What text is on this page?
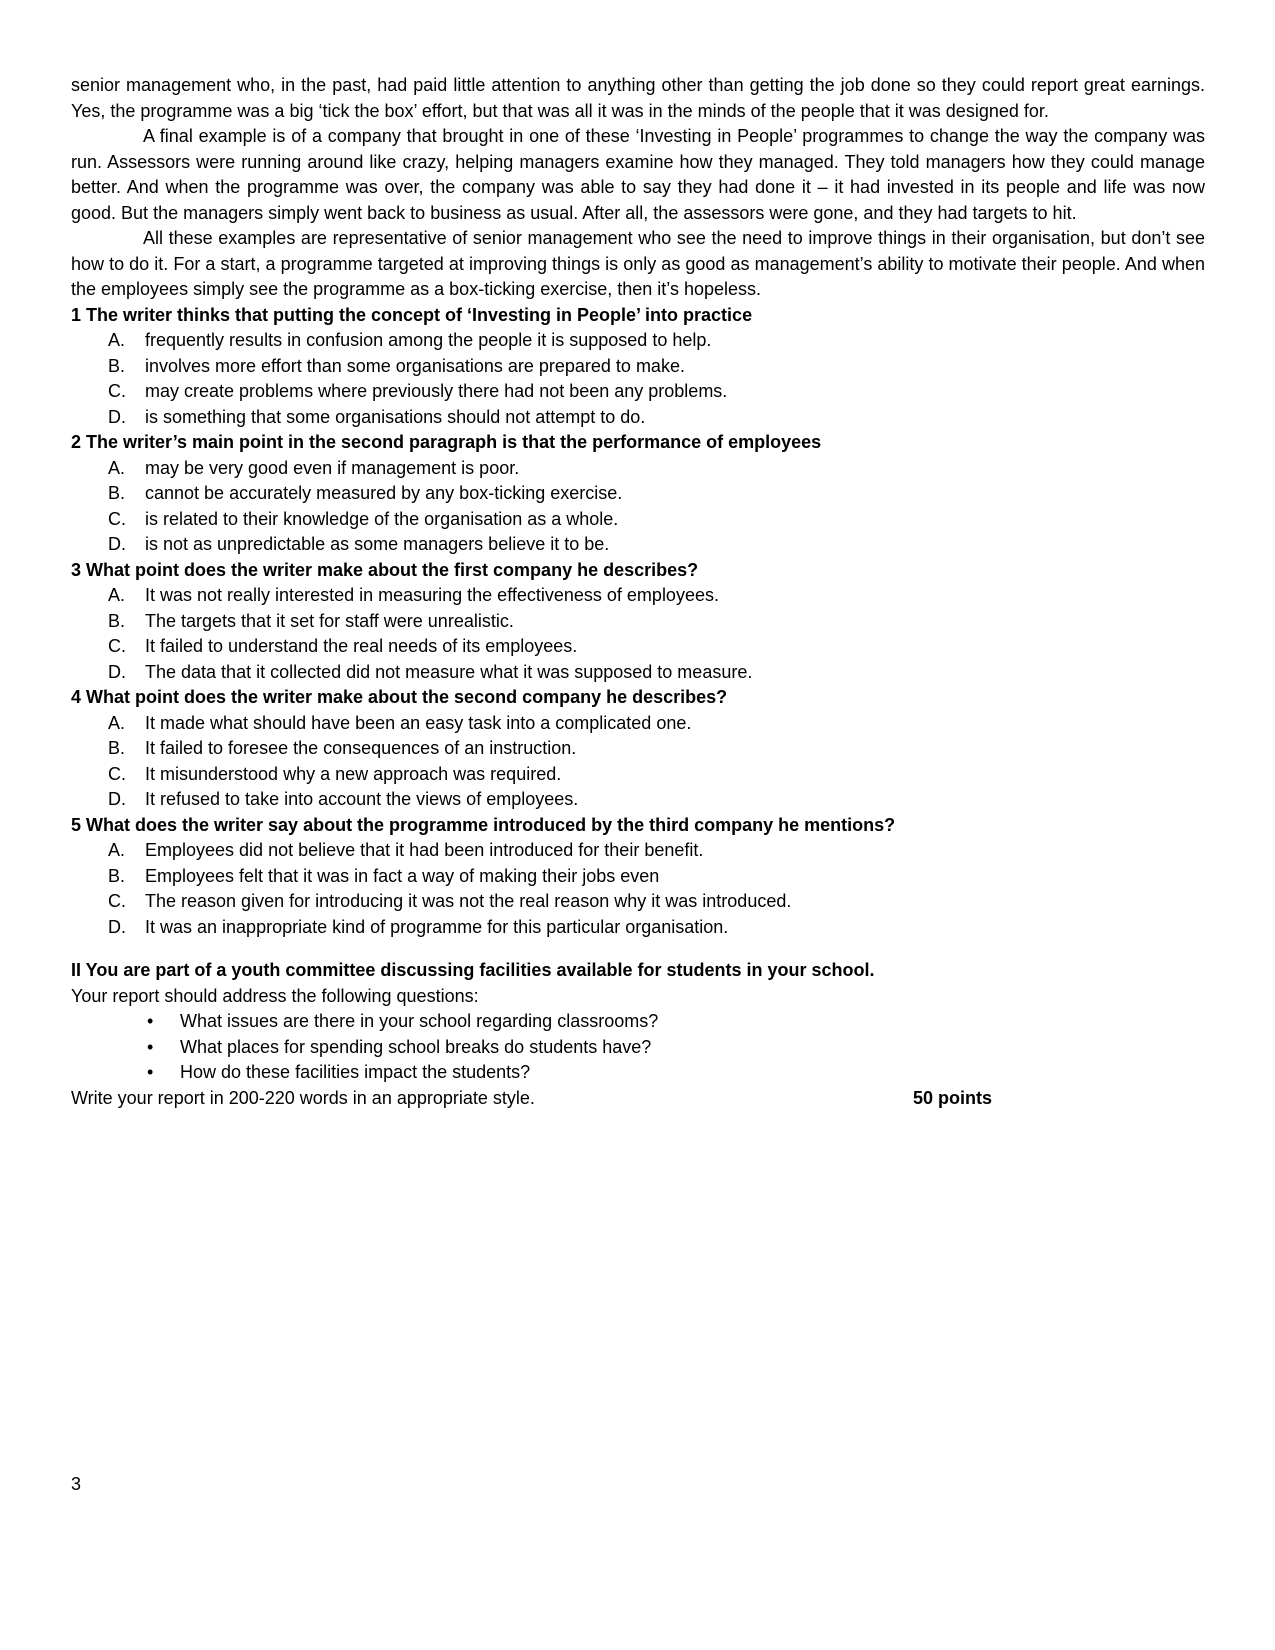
senior management who, in the past, had paid little attention to anything other than getting the job done so they could report great earnings. Yes, the programme was a big ‘tick the box’ effort, but that was all it was in the minds of the people that it was designed for.

A final example is of a company that brought in one of these ‘Investing in People’ programmes to change the way the company was run. Assessors were running around like crazy, helping managers examine how they managed. They told managers how they could manage better. And when the programme was over, the company was able to say they had done it – it had invested in its people and life was now good. But the managers simply went back to business as usual. After all, the assessors were gone, and they had targets to hit.

All these examples are representative of senior management who see the need to improve things in their organisation, but don’t see how to do it. For a start, a programme targeted at improving things is only as good as management’s ability to motivate their people. And when the employees simply see the programme as a box-ticking exercise, then it’s hopeless.

1 The writer thinks that putting the concept of ‘Investing in People’ into practice

A.	frequently results in confusion among the people it is supposed to help.
B.	involves more effort than some organisations are prepared to make.
C.	may create problems where previously there had not been any problems.
D.	is something that some organisations should not attempt to do.

2 The writer’s main point in the second paragraph is that the performance of employees

A.	may be very good even if management is poor.
B.	cannot be accurately measured by any box-ticking exercise.
C.	is related to their knowledge of the organisation as a whole.
D.	is not as unpredictable as some managers believe it to be.

3 What point does the writer make about the first company he describes?

A.	It was not really interested in measuring the effectiveness of employees.
B.	The targets that it set for staff were unrealistic.
C.	It failed to understand the real needs of its employees.
D.	The data that it collected did not measure what it was supposed to measure.

4 What point does the writer make about the second company he describes?

A.	It made what should have been an easy task into a complicated one.
B.	It failed to foresee the consequences of an instruction.
C.	It misunderstood why a new approach was required.
D.	It refused to take into account the views of employees.

5 What does the writer say about the programme introduced by the third company he mentions?

A.	Employees did not believe that it had been introduced for their benefit.
B.	Employees felt that it was in fact a way of making their jobs even
C.	The reason given for introducing it was not the real reason why it was introduced.
D.	It was an inappropriate kind of programme for this particular organisation.

II You are part of a youth committee discussing facilities available for students in your school.

Your report should address the following questions:

•	What issues are there in your school regarding classrooms?
•	What places for spending school breaks do students have?
•	How do these facilities impact the students?
Write your report in 200-220 words in an appropriate style.	50 points
3
